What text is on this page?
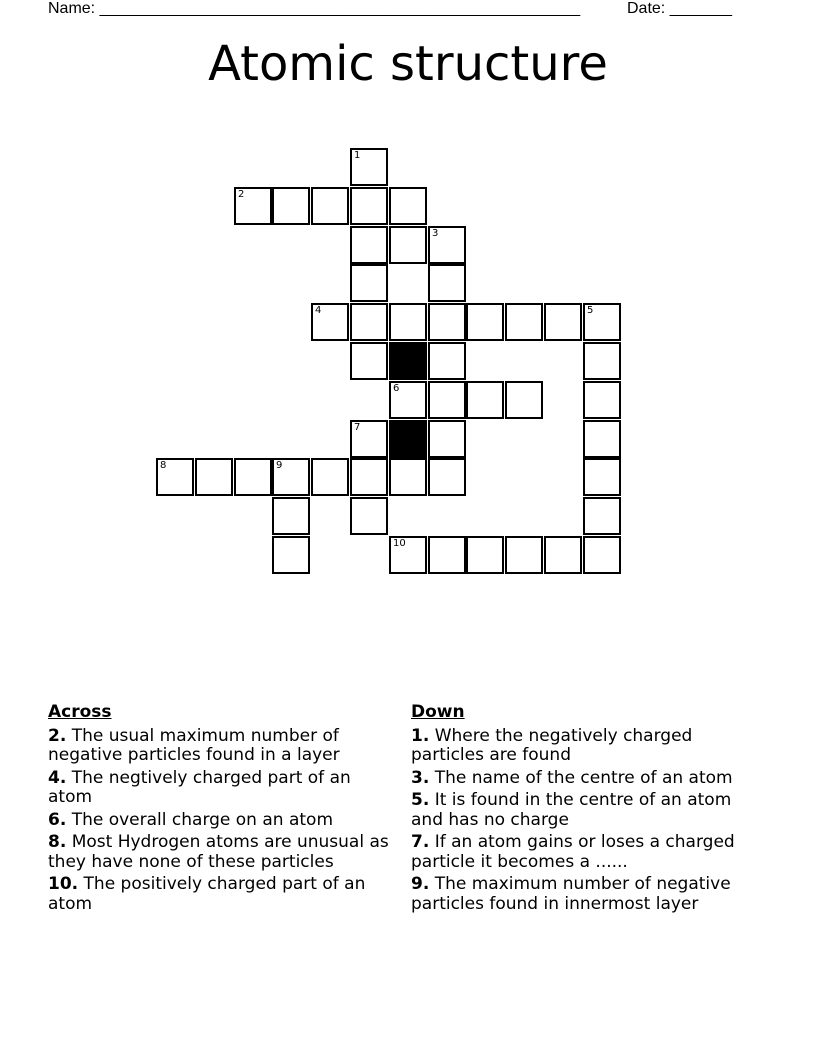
Name: ______________________________________________________	Date: _______
Atomic structure
2
4	5
6
8	9
10
1
3
7
Across
2. The usual maximum number of negative particles found in a layer
4. The negtively charged part of an atom
6. The overall charge on an atom
8. Most Hydrogen atoms are unusual as they have none of these particles
10. The positively charged part of an atom
Down
1. Where the negatively charged particles are found
3. The name of the centre of an atom
5. It is found in the centre of an atom and has no charge
7. If an atom gains or loses a charged particle it becomes a ......
9. The maximum number of negative particles found in innermost layer
